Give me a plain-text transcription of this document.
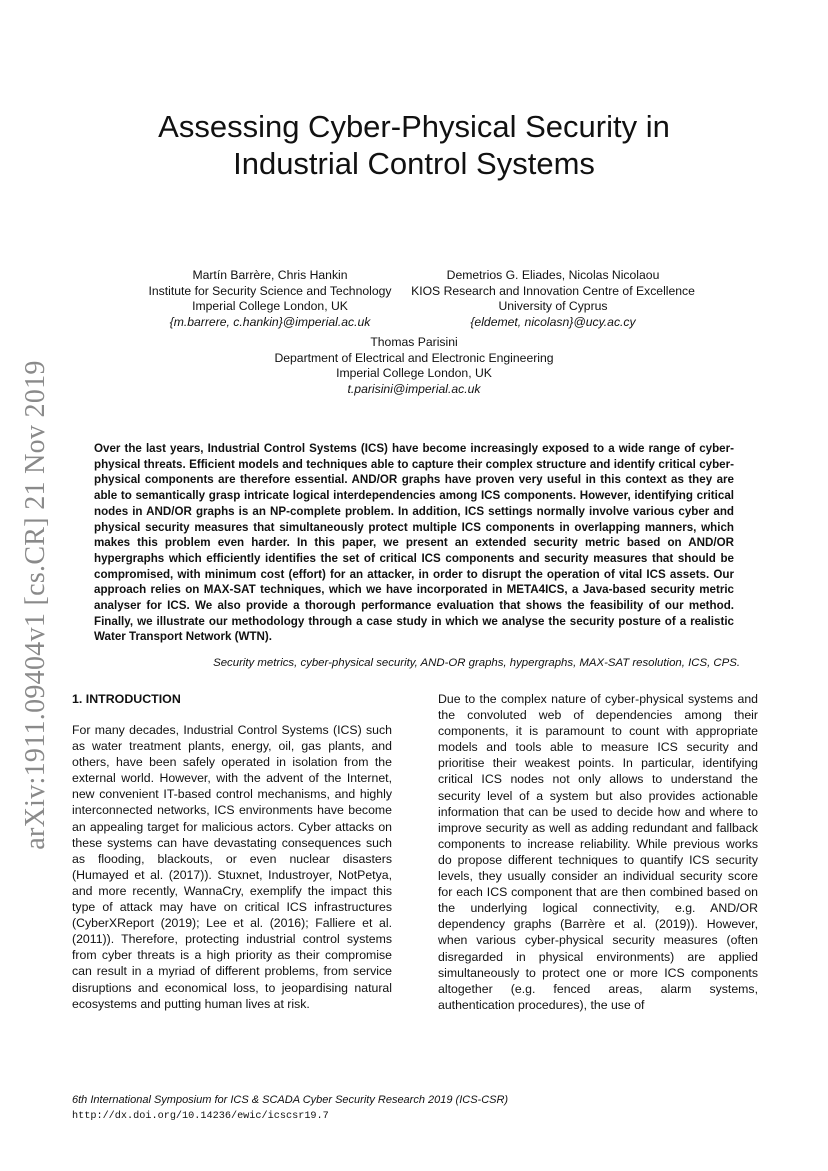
arXiv:1911.09404v1 [cs.CR] 21 Nov 2019
Assessing Cyber-Physical Security in
Industrial Control Systems
Martín Barrère, Chris Hankin
Institute for Security Science and Technology
Imperial College London, UK
{m.barrere, c.hankin}@imperial.ac.uk
Demetrios G. Eliades, Nicolas Nicolaou
KIOS Research and Innovation Centre of Excellence
University of Cyprus
{eldemet, nicolasn}@ucy.ac.cy
Thomas Parisini
Department of Electrical and Electronic Engineering
Imperial College London, UK
t.parisini@imperial.ac.uk

Over the last years, Industrial Control Systems (ICS) have become increasingly exposed to a wide range of cyber-physical threats. Efficient models and techniques able to capture their complex structure and identify critical cyber-physical components are therefore essential. AND/OR graphs have proven very useful in this context as they are able to semantically grasp intricate logical interdependencies among ICS components. However, identifying critical nodes in AND/OR graphs is an NP-complete problem. In addition, ICS settings normally involve various cyber and physical security measures that simultaneously protect multiple ICS components in overlapping manners, which makes this problem even harder. In this paper, we present an extended security metric based on AND/OR hypergraphs which efficiently identifies the set of critical ICS components and security measures that should be compromised, with minimum cost (effort) for an attacker, in order to disrupt the operation of vital ICS assets. Our approach relies on MAX-SAT techniques, which we have incorporated in META4ICS, a Java-based security metric analyser for ICS. We also provide a thorough performance evaluation that shows the feasibility of our method. Finally, we illustrate our methodology through a case study in which we analyse the security posture of a realistic Water Transport Network (WTN).

Security metrics, cyber-physical security, AND-OR graphs, hypergraphs, MAX-SAT resolution, ICS, CPS.

1. INTRODUCTION

For many decades, Industrial Control Systems (ICS) such as water treatment plants, energy, oil, gas plants, and others, have been safely operated in isolation from the external world. However, with the advent of the Internet, new convenient IT-based control mechanisms, and highly interconnected networks, ICS environments have become an appealing target for malicious actors. Cyber attacks on these systems can have devastating consequences such as flooding, blackouts, or even nuclear disasters (Humayed et al. (2017)). Stuxnet, Industroyer, NotPetya, and more recently, WannaCry, exemplify the impact this type of attack may have on critical ICS infrastructures (CyberXReport (2019); Lee et al. (2016); Falliere et al. (2011)). Therefore, protecting industrial control systems from cyber threats is a high priority as their compromise can result in a myriad of different problems, from service disruptions and economical loss, to jeopardising natural ecosystems and putting human lives at risk.

Due to the complex nature of cyber-physical systems and the convoluted web of dependencies among their components, it is paramount to count with appropriate models and tools able to measure ICS security and prioritise their weakest points. In particular, identifying critical ICS nodes not only allows to understand the security level of a system but also provides actionable information that can be used to decide how and where to improve security as well as adding redundant and fallback components to increase reliability. While previous works do propose different techniques to quantify ICS security levels, they usually consider an individual security score for each ICS component that are then combined based on the underlying logical connectivity, e.g. AND/OR dependency graphs (Barrère et al. (2019)). However, when various cyber-physical security measures (often disregarded in physical environments) are applied simultaneously to protect one or more ICS components altogether (e.g. fenced areas, alarm systems, authentication procedures), the use of

6th International Symposium for ICS & SCADA Cyber Security Research 2019 (ICS-CSR)
http://dx.doi.org/10.14236/ewic/icscsr19.7
